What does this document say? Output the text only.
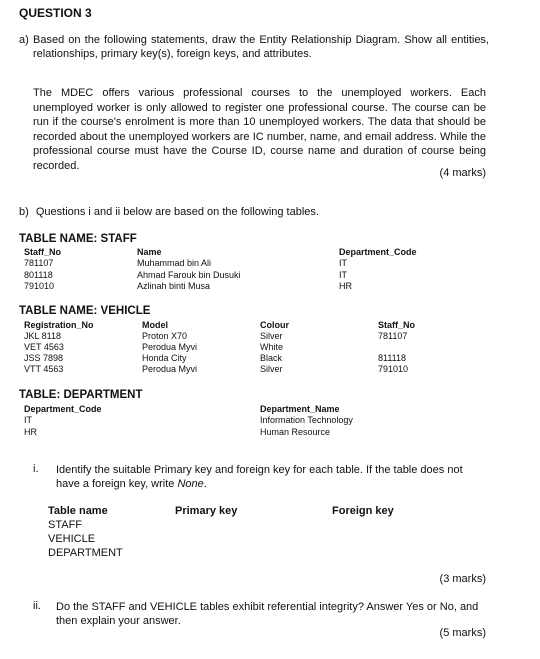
QUESTION 3
a) Based on the following statements, draw the Entity Relationship Diagram. Show all entities, relationships, primary key(s), foreign keys, and attributes.
The MDEC offers various professional courses to the unemployed workers. Each unemployed worker is only allowed to register one professional course. The course can be run if the course's enrolment is more than 10 unemployed workers. The data that should be recorded about the unemployed workers are IC number, name, and email address. While the professional course must have the Course ID, course name and duration of course being recorded.
(4 marks)
b) Questions i and ii below are based on the following tables.
TABLE NAME: STAFF
Staff_No	Name	Department_Code
781107	Muhammad bin Ali	IT
801118	Ahmad Farouk bin Dusuki	IT
791010	Azlinah binti Musa	HR
TABLE NAME: VEHICLE
Registration_No	Model	Colour	Staff_No
JKL 8118	Proton X70	Silver	781107
VET 4563	Perodua Myvi	White
JSS 7898	Honda City	Black	811118
VTT 4563	Perodua Myvi	Silver	791010
TABLE: DEPARTMENT
Department_Code	Department_Name
IT	Information Technology
HR	Human Resource
i. Identify the suitable Primary key and foreign key for each table. If the table does not have a foreign key, write None.
Table name	Primary key	Foreign key
STAFF
VEHICLE
DEPARTMENT
(3 marks)
ii. Do the STAFF and VEHICLE tables exhibit referential integrity? Answer Yes or No, and then explain your answer.
(5 marks)
